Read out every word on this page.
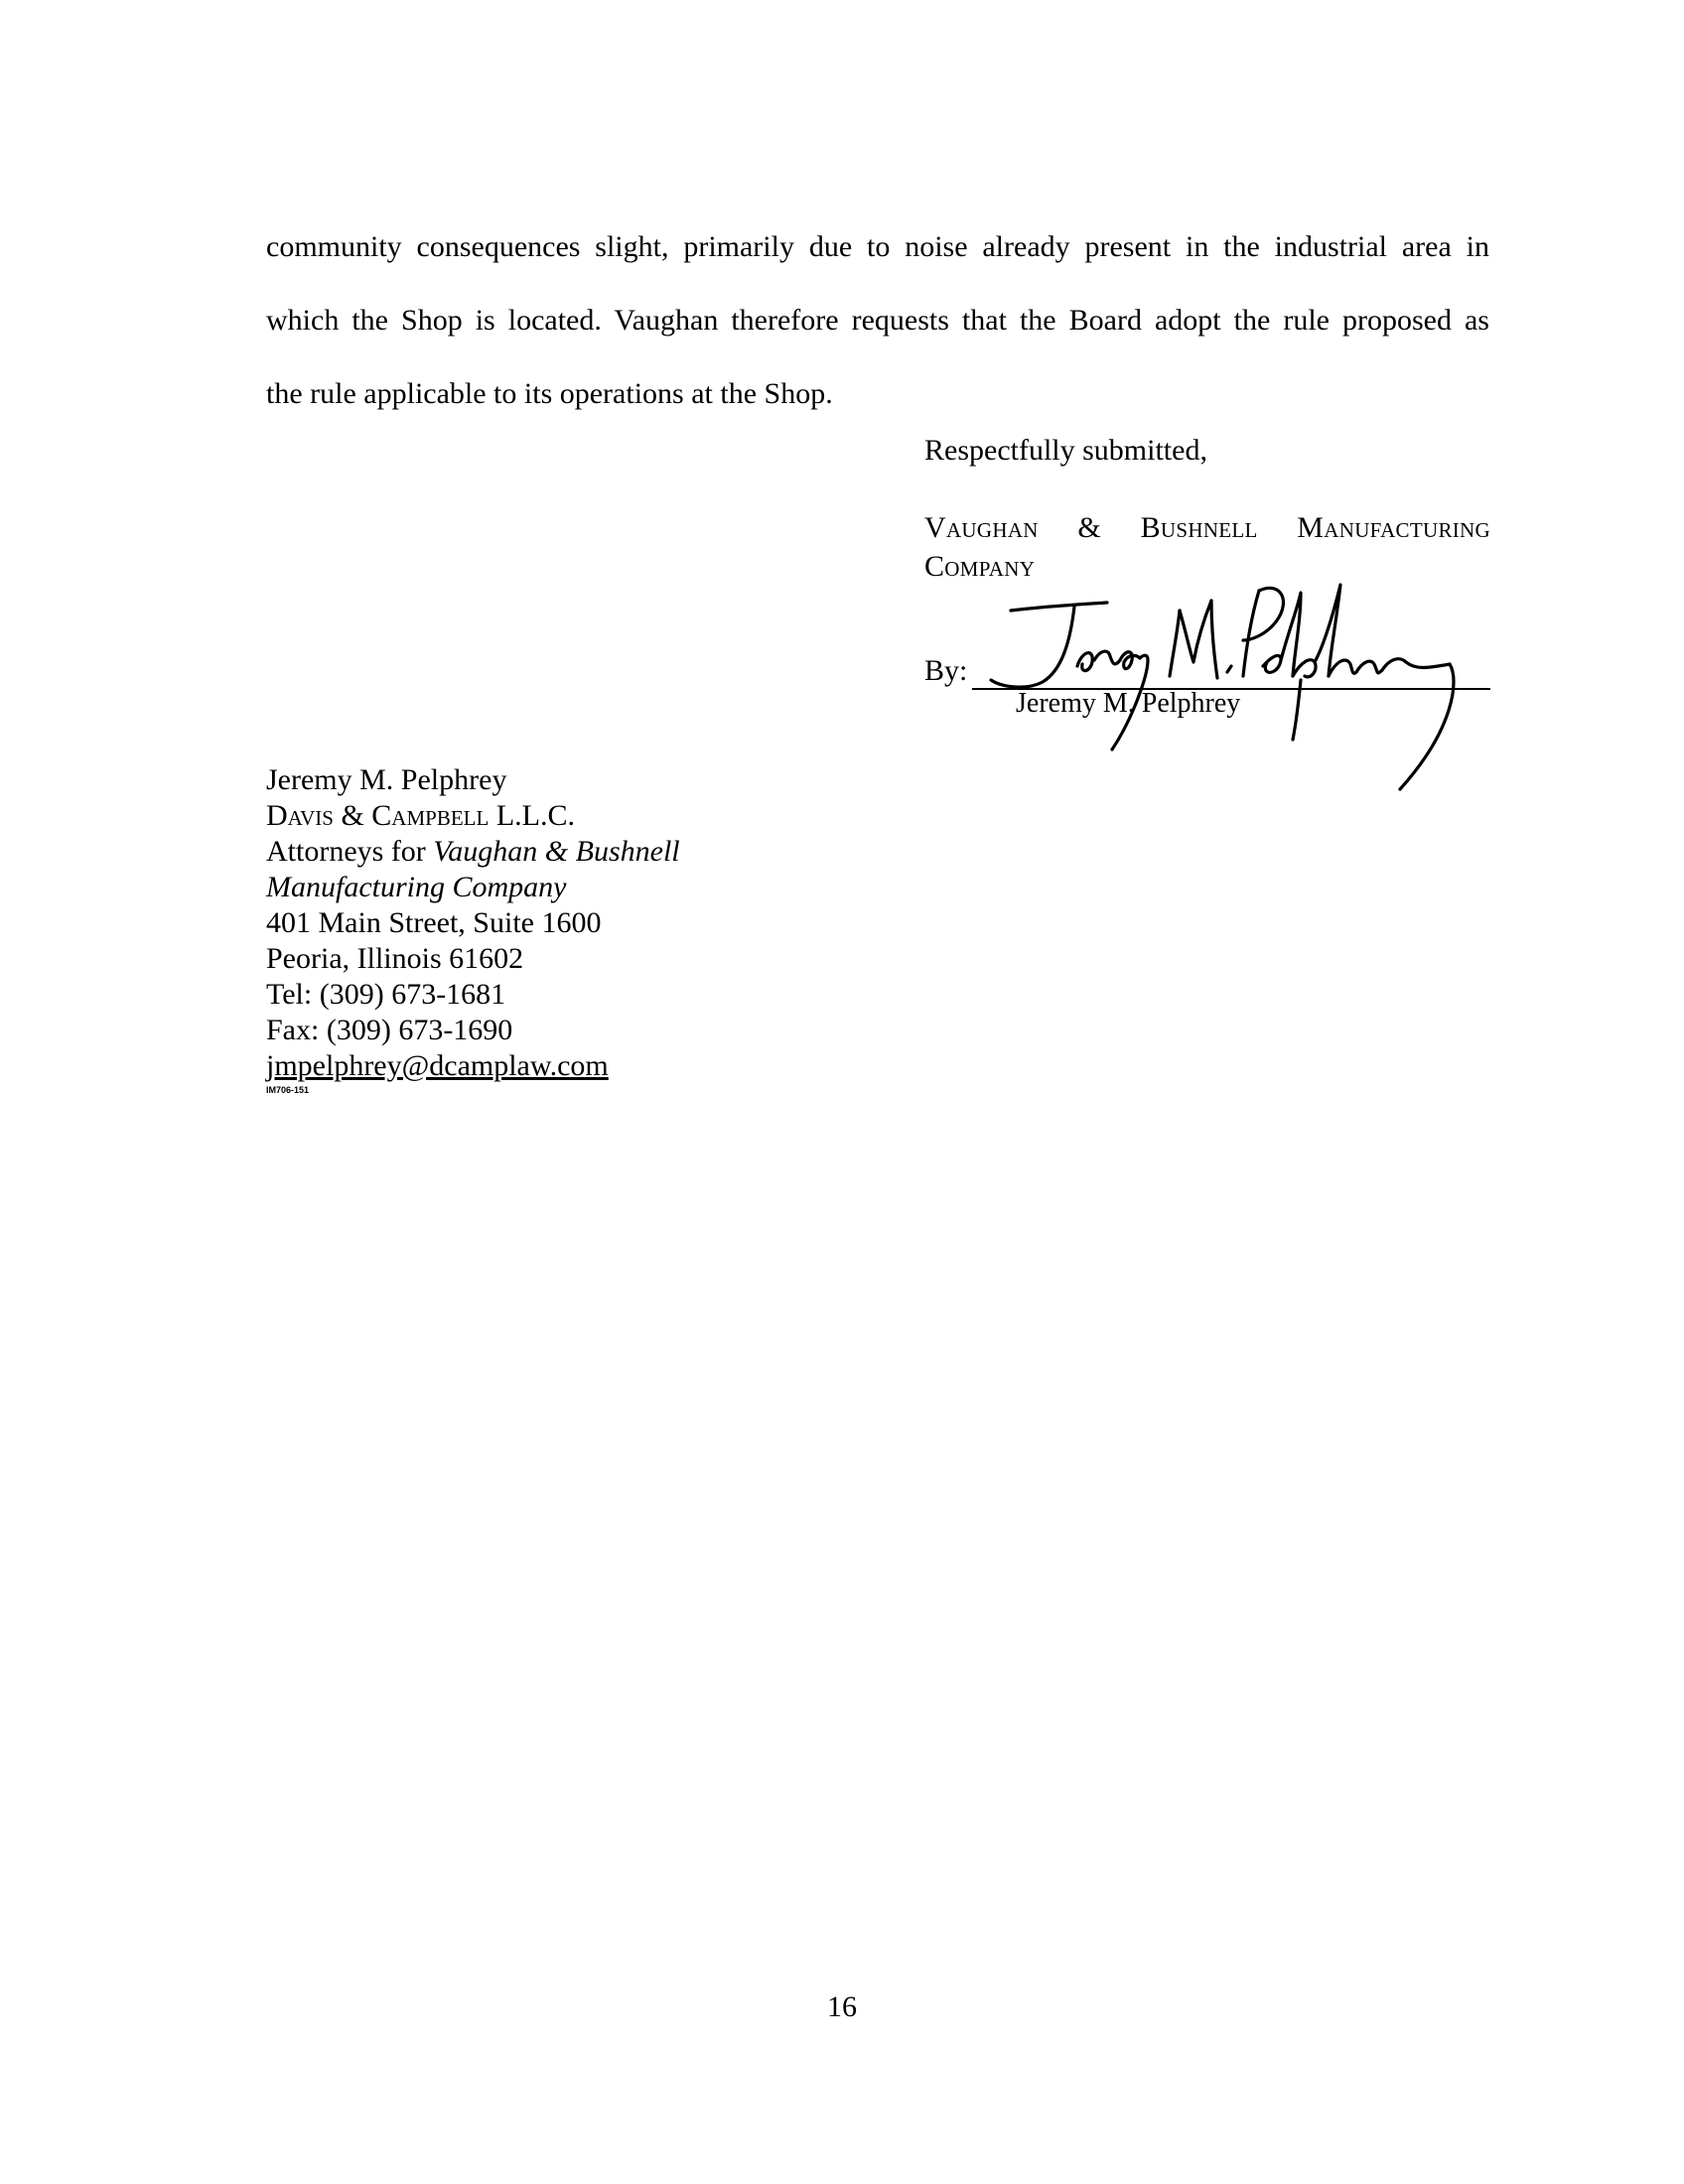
community consequences slight, primarily due to noise already present in the industrial area in
which the Shop is located. Vaughan therefore requests that the Board adopt the rule proposed as
the rule applicable to its operations at the Shop.

Respectfully submitted,

Vaughan & Bushnell Manufacturing
Company

By:

Jeremy M. Pelphrey

Jeremy M. Pelphrey
Davis & Campbell L.L.C.
Attorneys for Vaughan & Bushnell
Manufacturing Company
401 Main Street, Suite 1600
Peoria, Illinois 61602
Tel: (309) 673-1681
Fax: (309) 673-1690
jmpelphrey@dcamplaw.com

IM706-151

16
